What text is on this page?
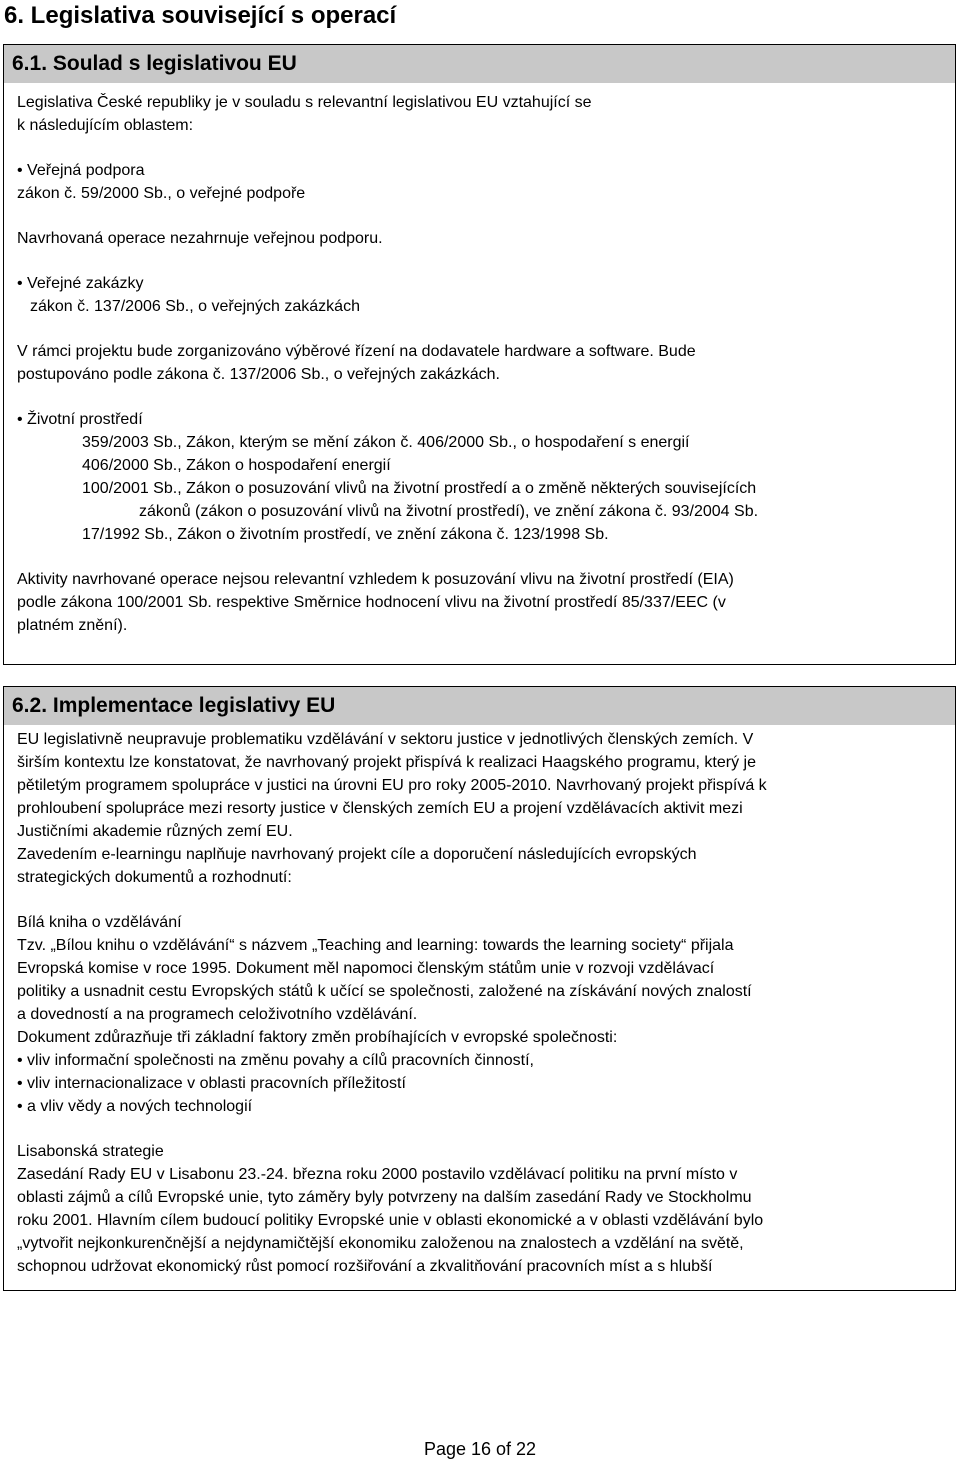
6. Legislativa související s operací
6.1. Soulad s legislativou EU

Legislativa České republiky je v souladu s relevantní legislativou EU vztahující se

k následujícím oblastem:

• Veřejná podpora

zákon č. 59/2000 Sb., o veřejné podpoře

Navrhovaná operace nezahrnuje veřejnou podporu.

• Veřejné zakázky

zákon č. 137/2006 Sb., o veřejných zakázkách

V rámci projektu bude zorganizováno výběrové řízení na dodavatele hardware a software. Bude

postupováno podle zákona č. 137/2006 Sb., o veřejných zakázkách.

• Životní prostředí

359/2003 Sb., Zákon, kterým se mění zákon č. 406/2000 Sb., o hospodaření s energií

406/2000 Sb., Zákon o hospodaření energií

100/2001 Sb., Zákon o posuzování vlivů na životní prostředí a o změně některých souvisejících

zákonů (zákon o posuzování vlivů na životní prostředí), ve znění zákona č. 93/2004 Sb.

17/1992 Sb., Zákon o životním prostředí, ve znění zákona č. 123/1998 Sb.

Aktivity navrhované operace nejsou relevantní vzhledem k posuzování vlivu na životní prostředí (EIA)

podle zákona 100/2001 Sb. respektive Směrnice hodnocení vlivu na životní prostředí 85/337/EEC (v

platném znění).

6.2. Implementace legislativy EU

EU legislativně neupravuje problematiku vzdělávání v sektoru justice v jednotlivých členských zemích. V

širším kontextu lze konstatovat, že navrhovaný projekt přispívá k realizaci Haagského programu, který je

pětiletým programem spolupráce v justici na úrovni EU pro roky 2005-2010. Navrhovaný projekt přispívá k

prohloubení spolupráce mezi resorty justice v členských zemích EU a projení vzdělávacích aktivit mezi

Justičními akademie různých zemí EU.

Zavedením e-learningu naplňuje navrhovaný projekt cíle a doporučení následujících evropských

strategických dokumentů a rozhodnutí:

Bílá kniha o vzdělávání

Tzv. „Bílou knihu o vzdělávání“ s názvem „Teaching and learning: towards the learning society“ přijala

Evropská komise v roce 1995. Dokument měl napomoci členským státům unie v rozvoji vzdělávací

politiky a usnadnit cestu Evropských států k učící se společnosti, založené na získávání nových znalostí

a dovedností a na programech celoživotního vzdělávání.

Dokument zdůrazňuje tři základní faktory změn probíhajících v evropské společnosti:

• vliv informační společnosti na změnu povahy a cílů pracovních činností,

• vliv internacionalizace v oblasti pracovních příležitostí

• a vliv vědy a nových technologií

Lisabonská strategie

Zasedání Rady EU v Lisabonu 23.-24. března roku 2000 postavilo vzdělávací politiku na první místo v

oblasti zájmů a cílů Evropské unie, tyto záměry byly potvrzeny na dalším zasedání Rady ve Stockholmu

roku 2001. Hlavním cílem budoucí politiky Evropské unie v oblasti ekonomické a v oblasti vzdělávání bylo

„vytvořit nejkonkurenčnější a nejdynamičtější ekonomiku založenou na znalostech a vzdělání na světě,

schopnou udržovat ekonomický růst pomocí rozšiřování a zkvalitňování pracovních míst a s hlubší

Page 16 of 22
